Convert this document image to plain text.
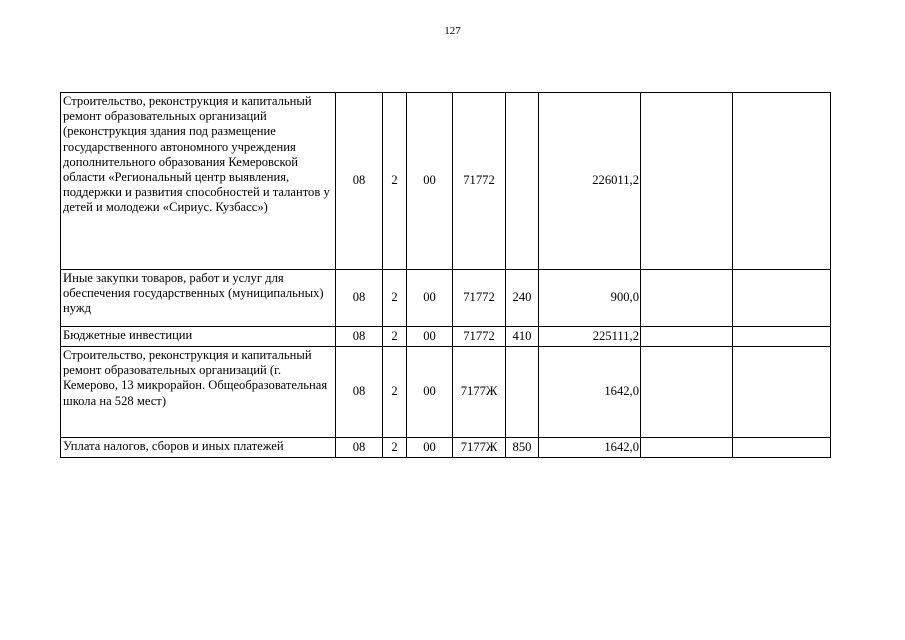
127
Строительство, реконструкция и капитальный ремонт образовательных организаций (реконструкция здания под размещение государственного автономного учреждения дополнительного образования Кемеровской области «Региональный центр выявления, поддержки и развития способностей и талантов у детей и молодежи «Сириус. Кузбасс»)	08	2	00	71772		226011,2		
Иные закупки товаров, работ и услуг для обеспечения государственных (муниципальных) нужд	08	2	00	71772	240	900,0		
Бюджетные инвестиции	08	2	00	71772	410	225111,2		
Строительство, реконструкция и капитальный ремонт образовательных организаций (г. Кемерово, 13 микрорайон. Общеобразовательная школа на 528 мест)	08	2	00	7177Ж		1642,0		
Уплата налогов, сборов и иных платежей	08	2	00	7177Ж	850	1642,0		
